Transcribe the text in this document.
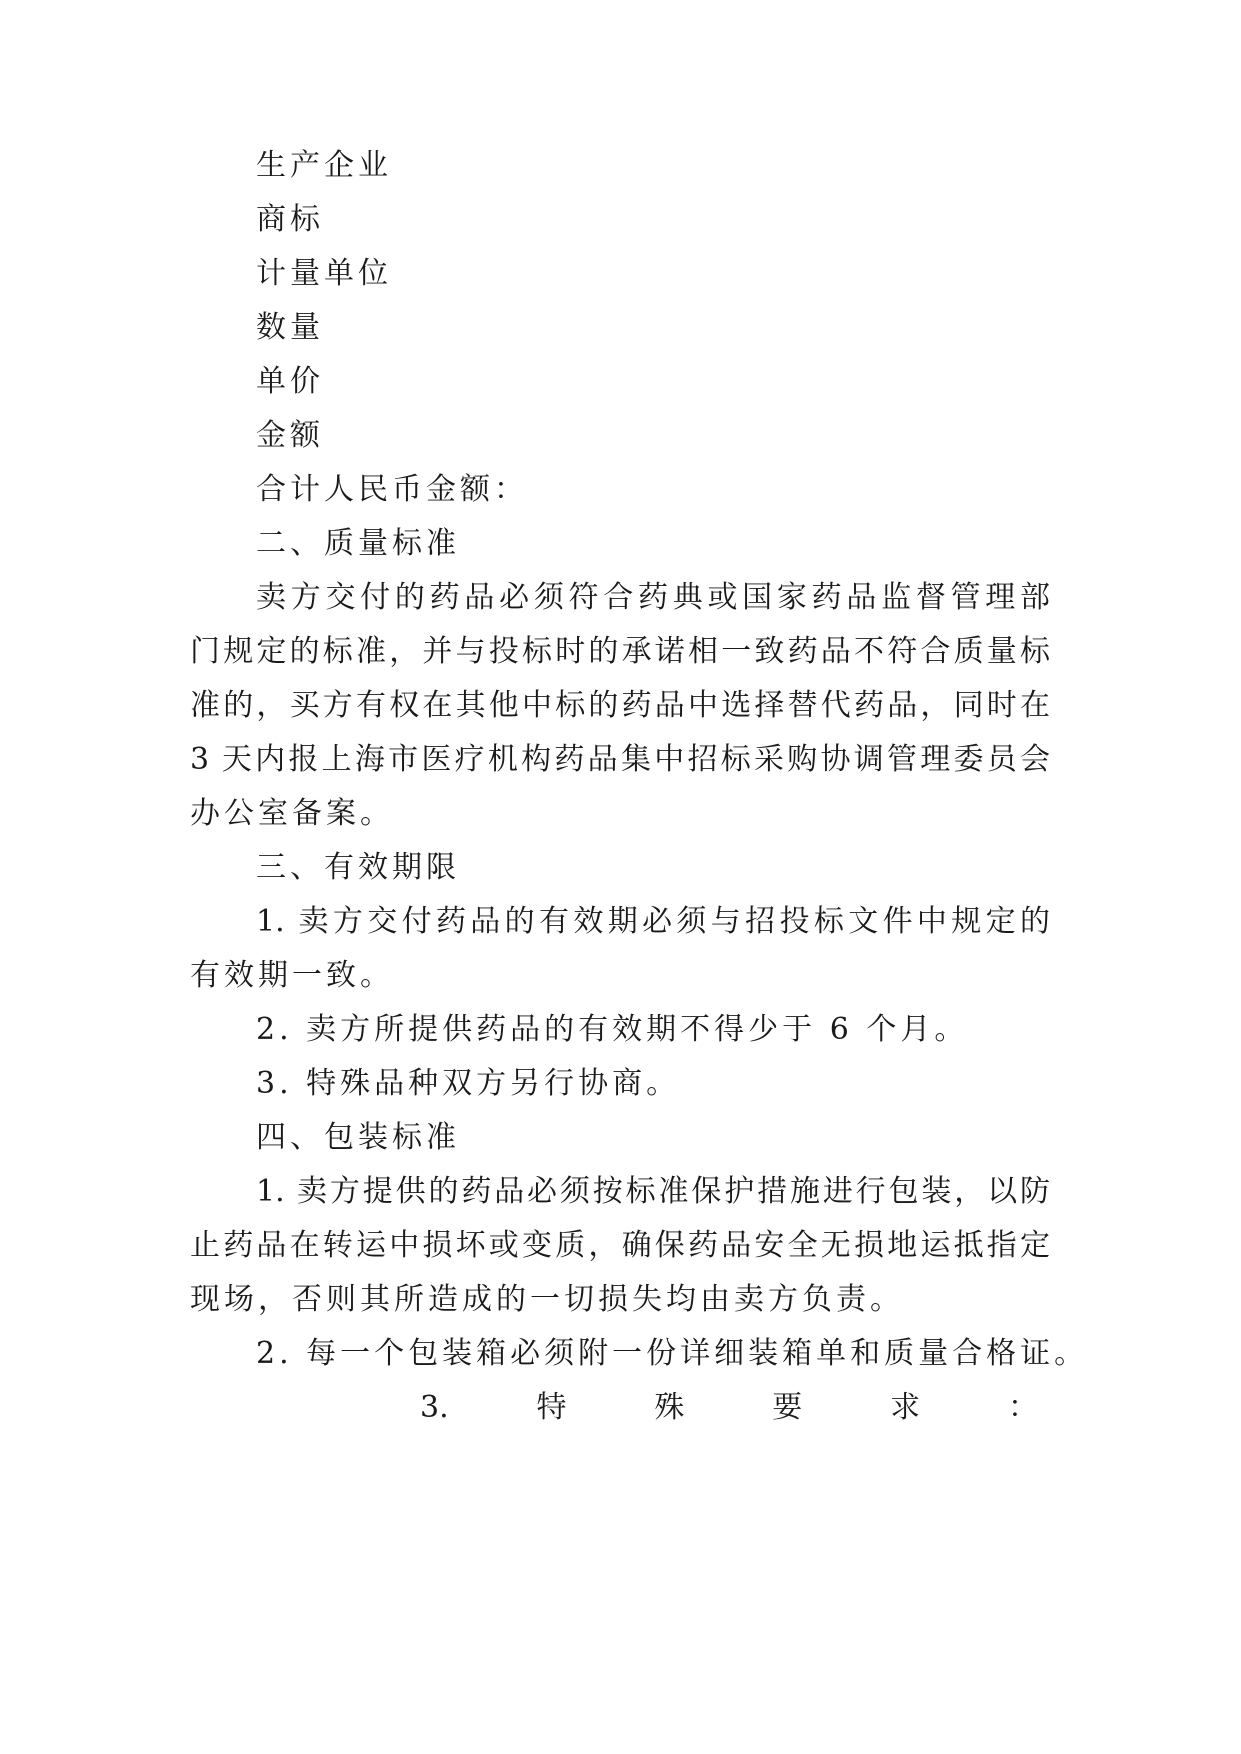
生产企业
商标
计量单位
数量
单价
金额
合计人民币金额：
二、质量标准
卖方交付的药品必须符合药典或国家药品监督管理部
门规定的标准，并与投标时的承诺相一致药品不符合质量标
准的，买方有权在其他中标的药品中选择替代药品，同时在
3 天内报上海市医疗机构药品集中招标采购协调管理委员会
办公室备案。
三、有效期限
1. 卖方交付药品的有效期必须与招投标文件中规定的
有效期一致。
2. 卖方所提供药品的有效期不得少于 6 个月。
3. 特殊品种双方另行协商。
四、包装标准
1. 卖方提供的药品必须按标准保护措施进行包装，以防
止药品在转运中损坏或变质，确保药品安全无损地运抵指定
现场，否则其所造成的一切损失均由卖方负责。
2. 每一个包装箱必须附一份详细装箱单和质量合格证。
3.	特	殊	要	求	：
